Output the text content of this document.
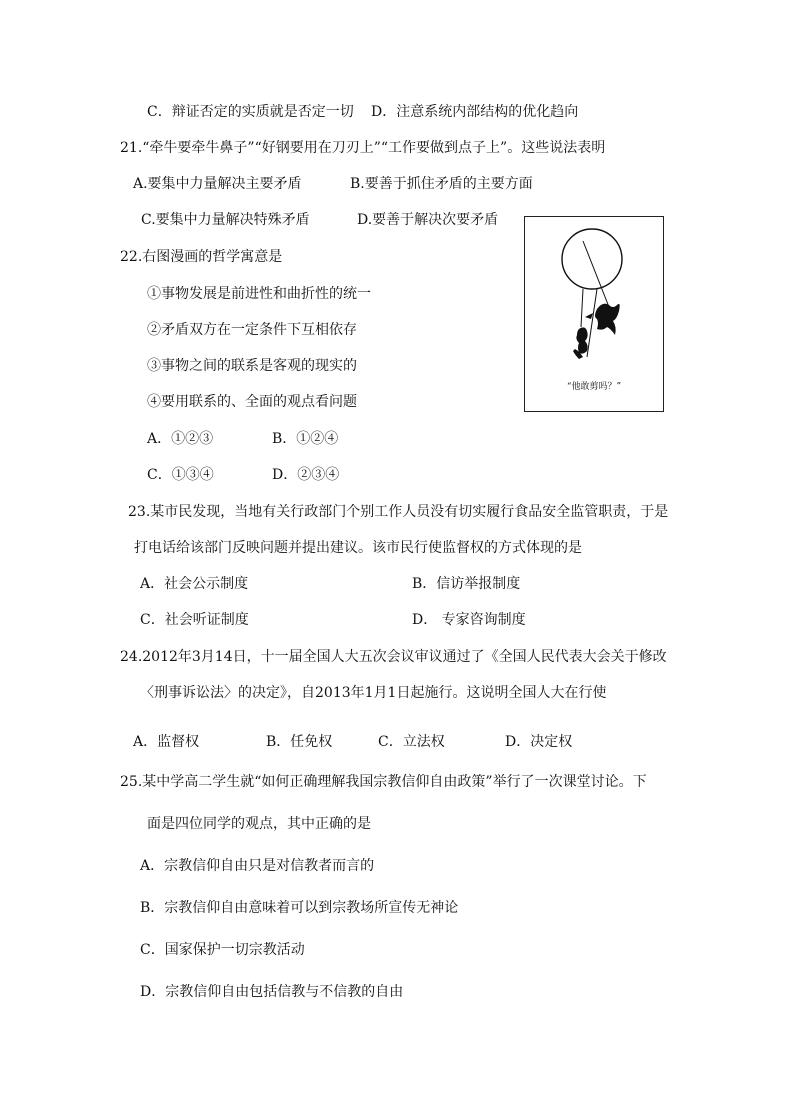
C．辩证否定的实质就是否定一切 D．注意系统内部结构的优化趋向
21.“牵牛要牵牛鼻子”“好钢要用在刀刃上”“工作要做到点子上”。这些说法表明
A.要集中力量解决主要矛盾	B.要善于抓住矛盾的主要方面
C.要集中力量解决特殊矛盾	D.要善于解决次要矛盾
22.右图漫画的哲学寓意是
①事物发展是前进性和曲折性的统一
②矛盾双方在一定条件下互相依存
③事物之间的联系是客观的现实的
④要用联系的、全面的观点看问题
A．①②③	B．①②④
C．①③④	D．②③④
“他敢剪吗？”
23.某市民发现，当地有关行政部门个别工作人员没有切实履行食品安全监管职责，于是
打电话给该部门反映问题并提出建议。该市民行使监督权的方式体现的是
A．社会公示制度	B．信访举报制度
C．社会听证制度	D． 专家咨询制度
24.2012年3月14日，十一届全国人大五次会议审议通过了《全国人民代表大会关于修改
〈刑事诉讼法〉的决定》，自2013年1月1日起施行。这说明全国人大在行使
A．监督权	B．任免权	C．立法权	D．决定权
25.某中学高二学生就“如何正确理解我国宗教信仰自由政策”举行了一次课堂讨论。下
面是四位同学的观点，其中正确的是
A．宗教信仰自由只是对信教者而言的
B．宗教信仰自由意味着可以到宗教场所宣传无神论
C．国家保护一切宗教活动
D．宗教信仰自由包括信教与不信教的自由
